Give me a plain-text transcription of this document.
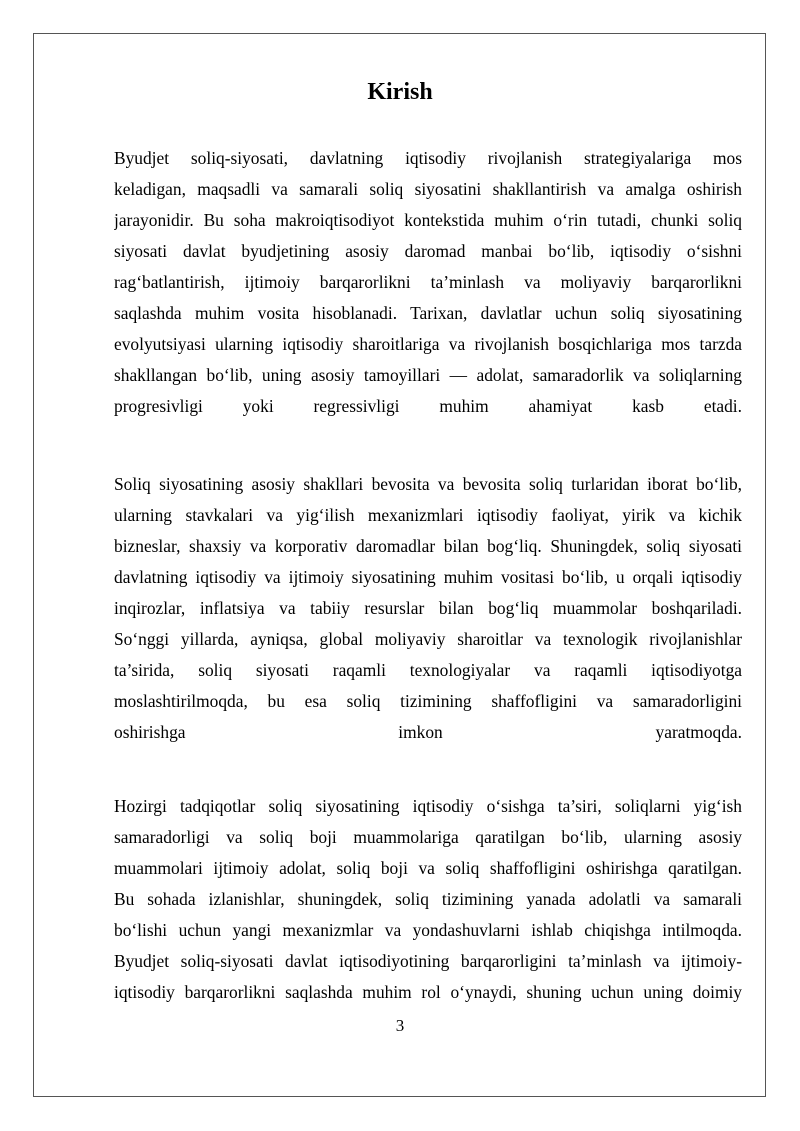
Kirish
Byudjet soliq-siyosati, davlatning iqtisodiy rivojlanish strategiyalariga mos
keladigan, maqsadli va samarali soliq siyosatini shakllantirish va amalga oshirish
jarayonidir. Bu soha makroiqtisodiyot kontekstida muhim o‘rin tutadi, chunki soliq
siyosati davlat byudjetining asosiy daromad manbai bo‘lib, iqtisodiy o‘sishni
rag‘batlantirish, ijtimoiy barqarorlikni ta’minlash va moliyaviy barqarorlikni
saqlashda muhim vosita hisoblanadi. Tarixan, davlatlar uchun soliq siyosatining
evolyutsiyasi ularning iqtisodiy sharoitlariga va rivojlanish bosqichlariga mos tarzda
shakllangan bo‘lib, uning asosiy tamoyillari — adolat, samaradorlik va soliqlarning
progresivligi yoki regressivligi muhim ahamiyat kasb etadi.
Soliq siyosatining asosiy shakllari bevosita va bevosita soliq turlaridan iborat bo‘lib,
ularning stavkalari va yig‘ilish mexanizmlari iqtisodiy faoliyat, yirik va kichik
bizneslar, shaxsiy va korporativ daromadlar bilan bog‘liq. Shuningdek, soliq siyosati
davlatning iqtisodiy va ijtimoiy siyosatining muhim vositasi bo‘lib, u orqali iqtisodiy
inqirozlar, inflatsiya va tabiiy resurslar bilan bog‘liq muammolar boshqariladi.
So‘nggi yillarda, ayniqsa, global moliyaviy sharoitlar va texnologik rivojlanishlar
ta’sirida, soliq siyosati raqamli texnologiyalar va raqamli iqtisodiyotga
moslashtirilmoqda, bu esa soliq tizimining shaffofligini va samaradorligini
oshirishga	imkon	yaratmoqda.
Hozirgi tadqiqotlar soliq siyosatining iqtisodiy o‘sishga ta’siri, soliqlarni yig‘ish
samaradorligi va soliq boji muammolariga qaratilgan bo‘lib, ularning asosiy
muammolari ijtimoiy adolat, soliq boji va soliq shaffofligini oshirishga qaratilgan.
Bu sohada izlanishlar, shuningdek, soliq tizimining yanada adolatli va samarali
bo‘lishi uchun yangi mexanizmlar va yondashuvlarni ishlab chiqishga intilmoqda.
Byudjet soliq-siyosati davlat iqtisodiyotining barqarorligini ta’minlash va ijtimoiy-
iqtisodiy barqarorlikni saqlashda muhim rol o‘ynaydi, shuning uchun uning doimiy
3
